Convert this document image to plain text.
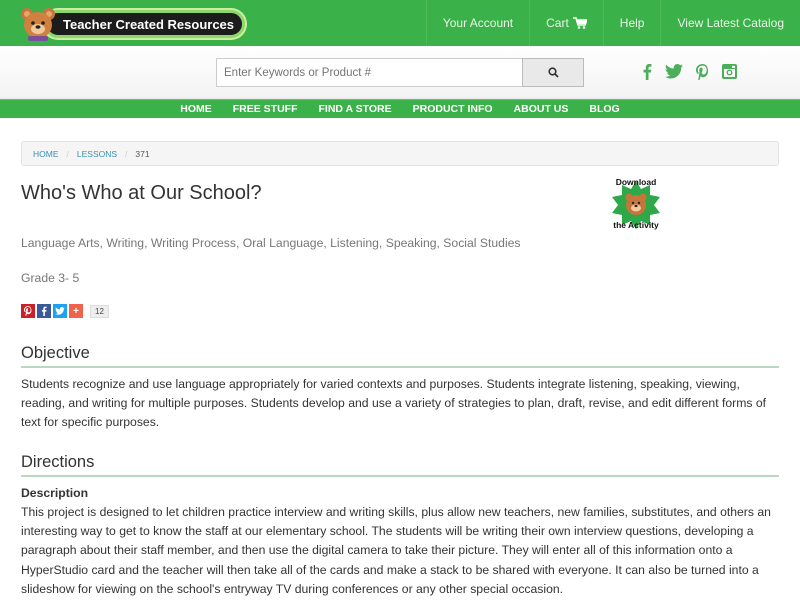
Teacher Created Resources	Your Account	Cart	Help	View Latest Catalog
Enter Keywords or Product #
HOME	FREE STUFF	FIND A STORE	PRODUCT INFO	ABOUT US	BLOG
HOME / LESSONS / 371
Who's Who at Our School?	Download
the Activity
Language Arts, Writing, Writing Process, Oral Language, Listening, Speaking, Social Studies
Grade 3- 5
+	12
Objective

Students recognize and use language appropriately for varied contexts and purposes. Students integrate listening, speaking, viewing, reading, and writing for multiple purposes. Students develop and use a variety of strategies to plan, draft, revise, and edit different forms of text for specific purposes.

Directions
Description

This project is designed to let children practice interview and writing skills, plus allow new teachers, new families, substitutes, and others an interesting way to get to know the staff at our elementary school. The students will be writing their own interview questions, developing a paragraph about their staff member, and then use the digital camera to take their picture. They will enter all of this information onto a HyperStudio card and the teacher will then take all of the cards and make a stack to be shared with everyone. It can also be turned into a slideshow for viewing on the school's entryway TV during conferences or any other special occasion.
